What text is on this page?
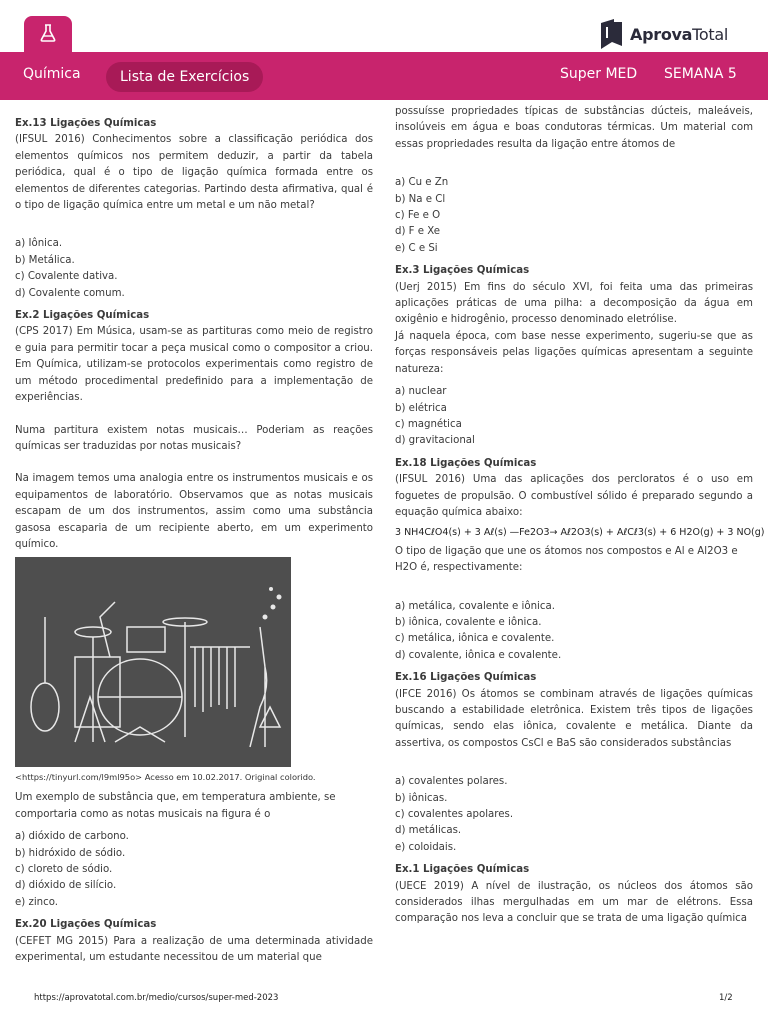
AprovaTotal
Química	Lista de Exercícios	Super MED SEMANA 5

Ex.13 Ligações Químicas

(IFSUL 2016) Conhecimentos sobre a classificação periódica dos elementos químicos nos permitem deduzir, a partir da tabela periódica, qual é o tipo de ligação química formada entre os elementos de diferentes categorias. Partindo desta afirmativa, qual é o tipo de ligação química entre um metal e um não metal?

a) Iônica.

b) Metálica.

c) Covalente dativa.

d) Covalente comum.

Ex.2 Ligações Químicas

(CPS 2017) Em Música, usam-se as partituras como meio de registro e guia para permitir tocar a peça musical como o compositor a criou. Em Química, utilizam-se protocolos experimentais como registro de um método procedimental predefinido para a implementação de experiências.

Numa partitura existem notas musicais… Poderiam as reações químicas ser traduzidas por notas musicais?

Na imagem temos uma analogia entre os instrumentos musicais e os equipamentos de laboratório. Observamos que as notas musicais escapam de um dos instrumentos, assim como uma substância gasosa escaparia de um recipiente aberto, em um experimento químico.

<https://tinyurl.com/l9ml95o> Acesso em 10.02.2017. Original colorido.

Um exemplo de substância que, em temperatura ambiente, se comportaria como as notas musicais na figura é o

a) dióxido de carbono.

b) hidróxido de sódio.

c) cloreto de sódio.

d) dióxido de silício.

e) zinco.

Ex.20 Ligações Químicas

(CEFET MG 2015) Para a realização de uma determinada atividade experimental, um estudante necessitou de um material que

possuísse propriedades típicas de substâncias dúcteis, maleáveis, insolúveis em água e boas condutoras térmicas. Um material com essas propriedades resulta da ligação entre átomos de

a) Cu e Zn

b) Na e Cl

c) Fe e O

d) F e Xe

e) C e Si

Ex.3 Ligações Químicas

(Uerj 2015) Em fins do século XVI, foi feita uma das primeiras aplicações práticas de uma pilha: a decomposição da água em oxigênio e hidrogênio, processo denominado eletrólise.

Já naquela época, com base nesse experimento, sugeriu-se que as forças responsáveis pelas ligações químicas apresentam a seguinte natureza:

a) nuclear

b) elétrica

c) magnética

d) gravitacional

Ex.18 Ligações Químicas

(IFSUL 2016) Uma das aplicações dos percloratos é o uso em foguetes de propulsão. O combustível sólido é preparado segundo a equação química abaixo:

3 NH4CℓO4(s) + 3 Aℓ(s) —Fe2O3→ Aℓ2O3(s) + AℓCℓ3(s) + 6 H2O(g) + 3 NO(g)

O tipo de ligação que une os átomos nos compostos e Al e Al2O3 e H2O é, respectivamente:

a) metálica, covalente e iônica.

b) iônica, covalente e iônica.

c) metálica, iônica e covalente.

d) covalente, iônica e covalente.

Ex.16 Ligações Químicas

(IFCE 2016) Os átomos se combinam através de ligações químicas buscando a estabilidade eletrônica. Existem três tipos de ligações químicas, sendo elas iônica, covalente e metálica. Diante da assertiva, os compostos CsCl e BaS são considerados substâncias

a) covalentes polares.

b) iônicas.

c) covalentes apolares.

d) metálicas.

e) coloidais.

Ex.1 Ligações Químicas

(UECE 2019) A nível de ilustração, os núcleos dos átomos são considerados ilhas mergulhadas em um mar de elétrons. Essa comparação nos leva a concluir que se trata de uma ligação química

https://aprovatotal.com.br/medio/cursos/super-med-2023	1/2
